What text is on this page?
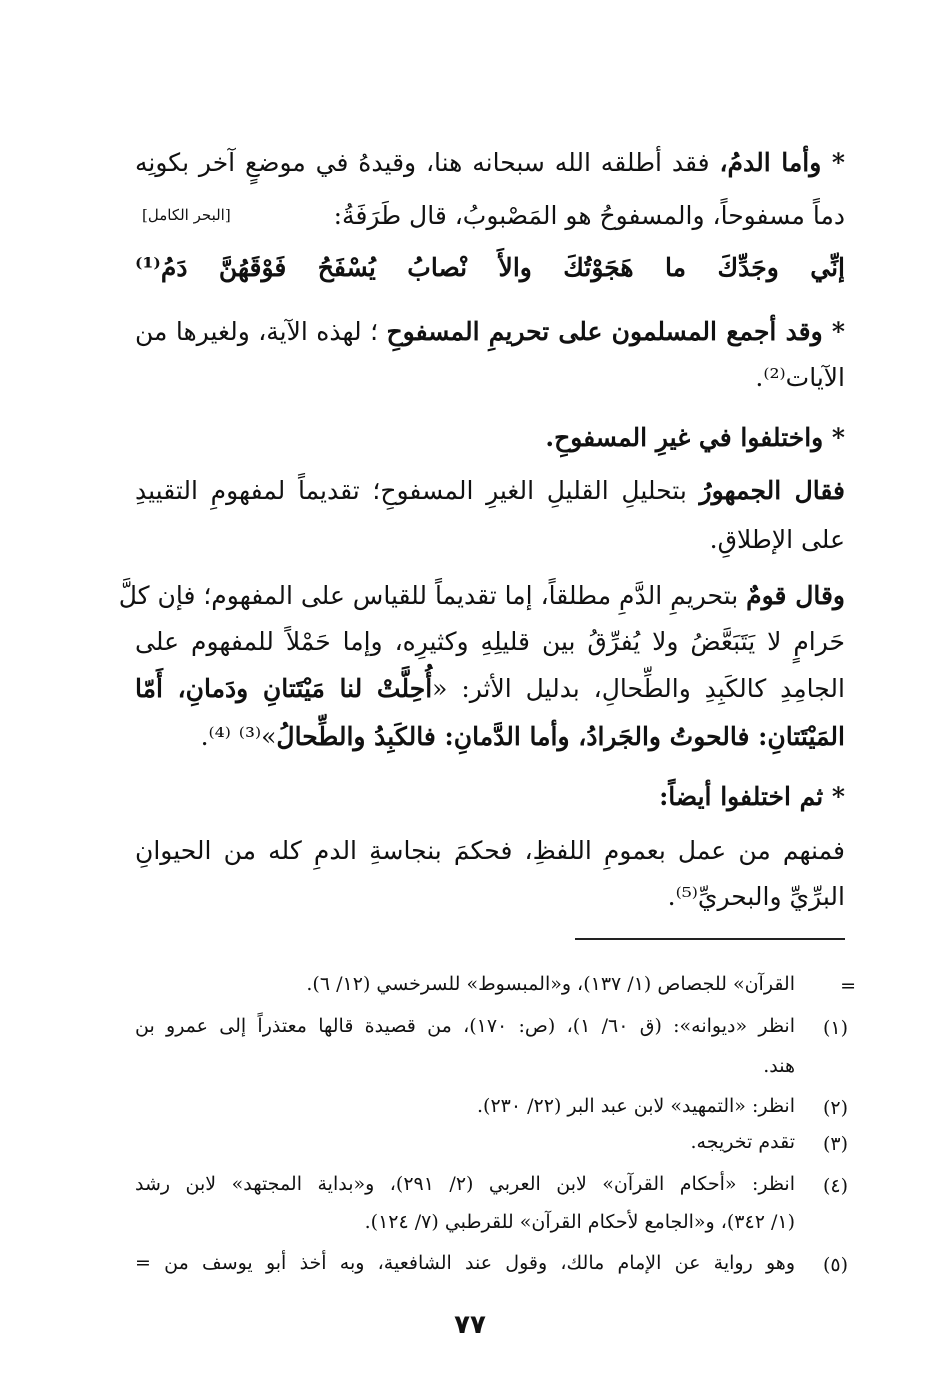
* وأما الدمُ، فقد أطلقه الله سبحانه هنا، وقيدهُ في موضعٍ آخر بكونِه
دماً مسفوحاً، والمسفوحُ هو المَصْبوبُ، قال طَرَفَةُ:
[البحر الكامل]
إنِّي وجَدِّكَ ما هَجَوْتُكَ والأَ نْصابُ يُسْفَحُ فَوْقَهُنَّ دَمُ⁽¹⁾
* وقد أجمع المسلمون على تحريمِ المسفوحِ ؛ لهذه الآية، ولغيرها من
الآيات⁽²⁾.
* واختلفوا في غيرِ المسفوحِ.
فقال الجمهورُ بتحليلِ القليلِ الغيرِ المسفوحِ؛ تقديماً لمفهومِ التقييدِ
على الإطلاقِ.
وقال قومٌ بتحريمِ الدَّمِ مطلقاً، إما تقديماً للقياس على المفهوم؛ فإن كلَّ
حَرامٍ لا يَتَبَعَّضُ ولا يُفرِّقُ بين قليلِهِ وكثيرِه، وإما حَمْلاً للمفهوم على
الجامِدِ كالكَبِدِ والطِّحالِ، بدليل الأثر: «أُحِلَّتْ لنا مَيْتَتانِ ودَمانِ، أَمّا
المَيْتَتانِ: فالحوتُ والجَرادُ، وأما الدَّمانِ: فالكَبِدُ والطِّحالُ»⁽³⁾ ⁽⁴⁾.
* ثم اختلفوا أيضاً:
فمنهم من عمل بعمومِ اللفظِ، فحكمَ بنجاسةِ الدمِ كله من الحيوانِ
البرِّيِّ والبحريِّ⁽⁵⁾.
=
القرآن» للجصاص (١/ ١٣٧)، و«المبسوط» للسرخسي (١٢/ ٦).
(١)
انظر «ديوانه»: (ق ٦٠/ ١)، (ص: ١٧٠)، من قصيدة قالها معتذراً إلى عمرو بن
هند.
(٢)
انظر: «التمهيد» لابن عبد البر (٢٢/ ٢٣٠).
(٣)
تقدم تخريجه.
(٤)
انظر: «أحكام القرآن» لابن العربي (٢/ ٢٩١)، و«بداية المجتهد» لابن رشد
(١/ ٣٤٢)، و«الجامع لأحكام القرآن» للقرطبي (٧/ ١٢٤).
(٥)
وهو رواية عن الإمام مالك، وقول عند الشافعية، وبه أخذ أبو يوسف من =
٧٧
